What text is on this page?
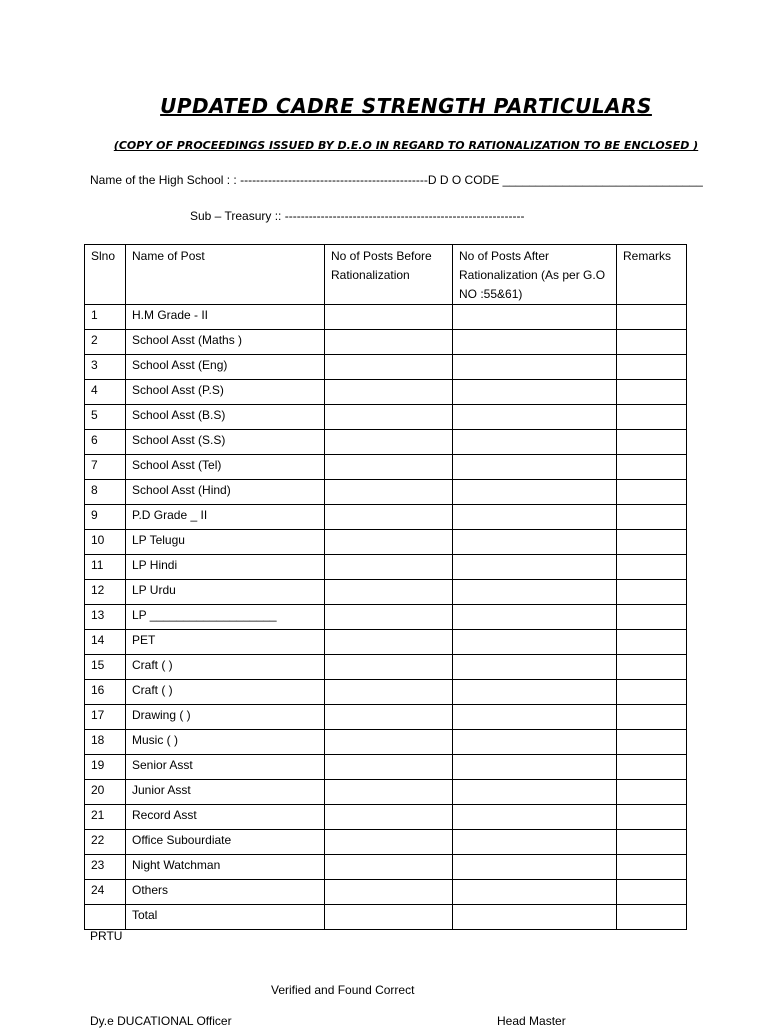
UPDATED CADRE STRENGTH PARTICULARS
(COPY OF PROCEEDINGS ISSUED BY D.E.O IN REGARD TO RATIONALIZATION TO BE ENCLOSED )
Name of the High School : : -----------------------------------------------D D O CODE ______________________________
Sub – Treasury :: ------------------------------------------------------------
Slno	Name of Post	No of Posts Before Rationalization	No of Posts After Rationalization (As per G.O NO :55&61)	Remarks
1	H.M Grade - II			
2	School Asst (Maths )			
3	School Asst (Eng)			
4	School Asst (P.S)			
5	School Asst (B.S)			
6	School Asst (S.S)			
7	School Asst (Tel)			
8	School Asst (Hind)			
9	P.D Grade _ II			
10	LP Telugu			
11	LP Hindi			
12	LP Urdu			
13	LP ___________________			
14	PET			
15	Craft ( )			
16	Craft ( )			
17	Drawing ( )			
18	Music ( )			
19	Senior Asst			
20	Junior Asst			
21	Record Asst			
22	Office Subourdiate			
23	Night Watchman			
24	Others			
	Total			
PRTU
Verified and Found Correct
Dy.e DUCATIONAL Officer	Head Master
